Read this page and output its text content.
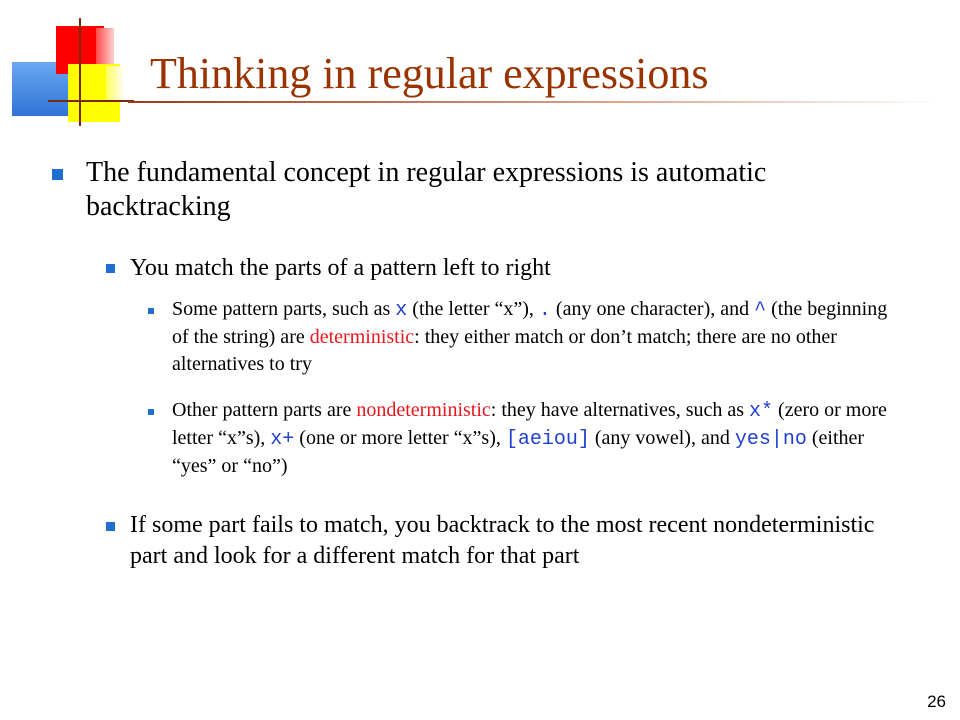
Thinking in regular expressions
The fundamental concept in regular expressions is automatic backtracking
You match the parts of a pattern left to right
Some pattern parts, such as x (the letter “x”), . (any one character), and ^ (the beginning of the string) are deterministic: they either match or don’t match; there are no other alternatives to try
Other pattern parts are nondeterministic: they have alternatives, such as x* (zero or more letter “x”s), x+ (one or more letter “x”s), [aeiou] (any vowel), and yes|no (either “yes” or “no”)
If some part fails to match, you backtrack to the most recent nondeterministic part and look for a different match for that part
26
